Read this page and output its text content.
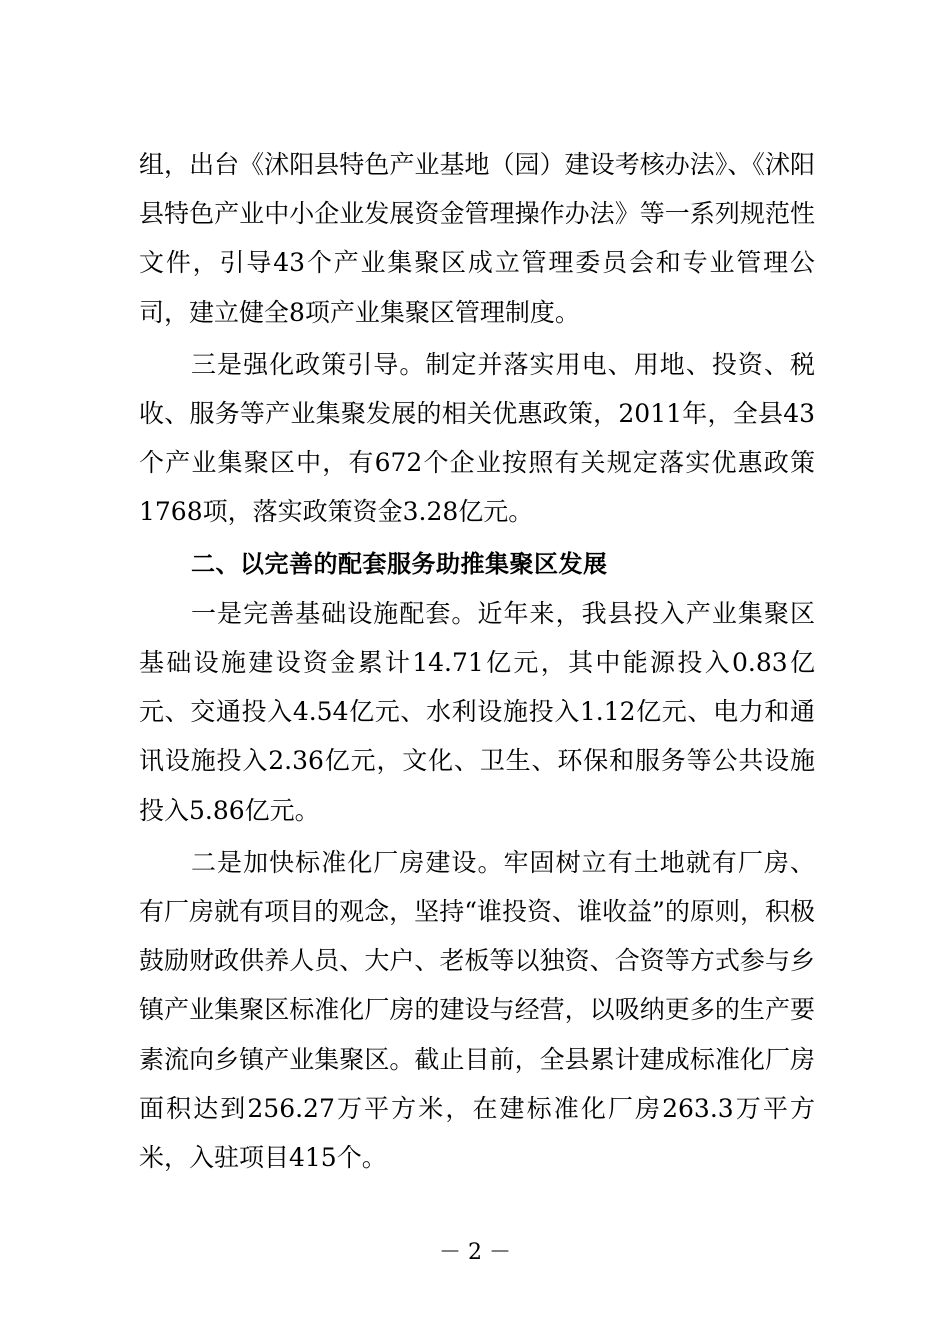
组，出台《沭阳县特色产业基地（园）建设考核办法》、《沭阳县特色产业中小企业发展资金管理操作办法》等一系列规范性文件，引导43个产业集聚区成立管理委员会和专业管理公司，建立健全8项产业集聚区管理制度。

三是强化政策引导。制定并落实用电、用地、投资、税收、服务等产业集聚发展的相关优惠政策，2011年，全县43个产业集聚区中，有672个企业按照有关规定落实优惠政策1768项，落实政策资金3.28亿元。

二、以完善的配套服务助推集聚区发展

一是完善基础设施配套。近年来，我县投入产业集聚区基础设施建设资金累计14.71亿元，其中能源投入0.83亿元、交通投入4.54亿元、水利设施投入1.12亿元、电力和通讯设施投入2.36亿元，文化、卫生、环保和服务等公共设施投入5.86亿元。

二是加快标准化厂房建设。牢固树立有土地就有厂房、有厂房就有项目的观念，坚持“谁投资、谁收益”的原则，积极鼓励财政供养人员、大户、老板等以独资、合资等方式参与乡镇产业集聚区标准化厂房的建设与经营，以吸纳更多的生产要素流向乡镇产业集聚区。截止目前，全县累计建成标准化厂房面积达到256.27万平方米，在建标准化厂房263.3万平方米，入驻项目415个。

－ 2 －
